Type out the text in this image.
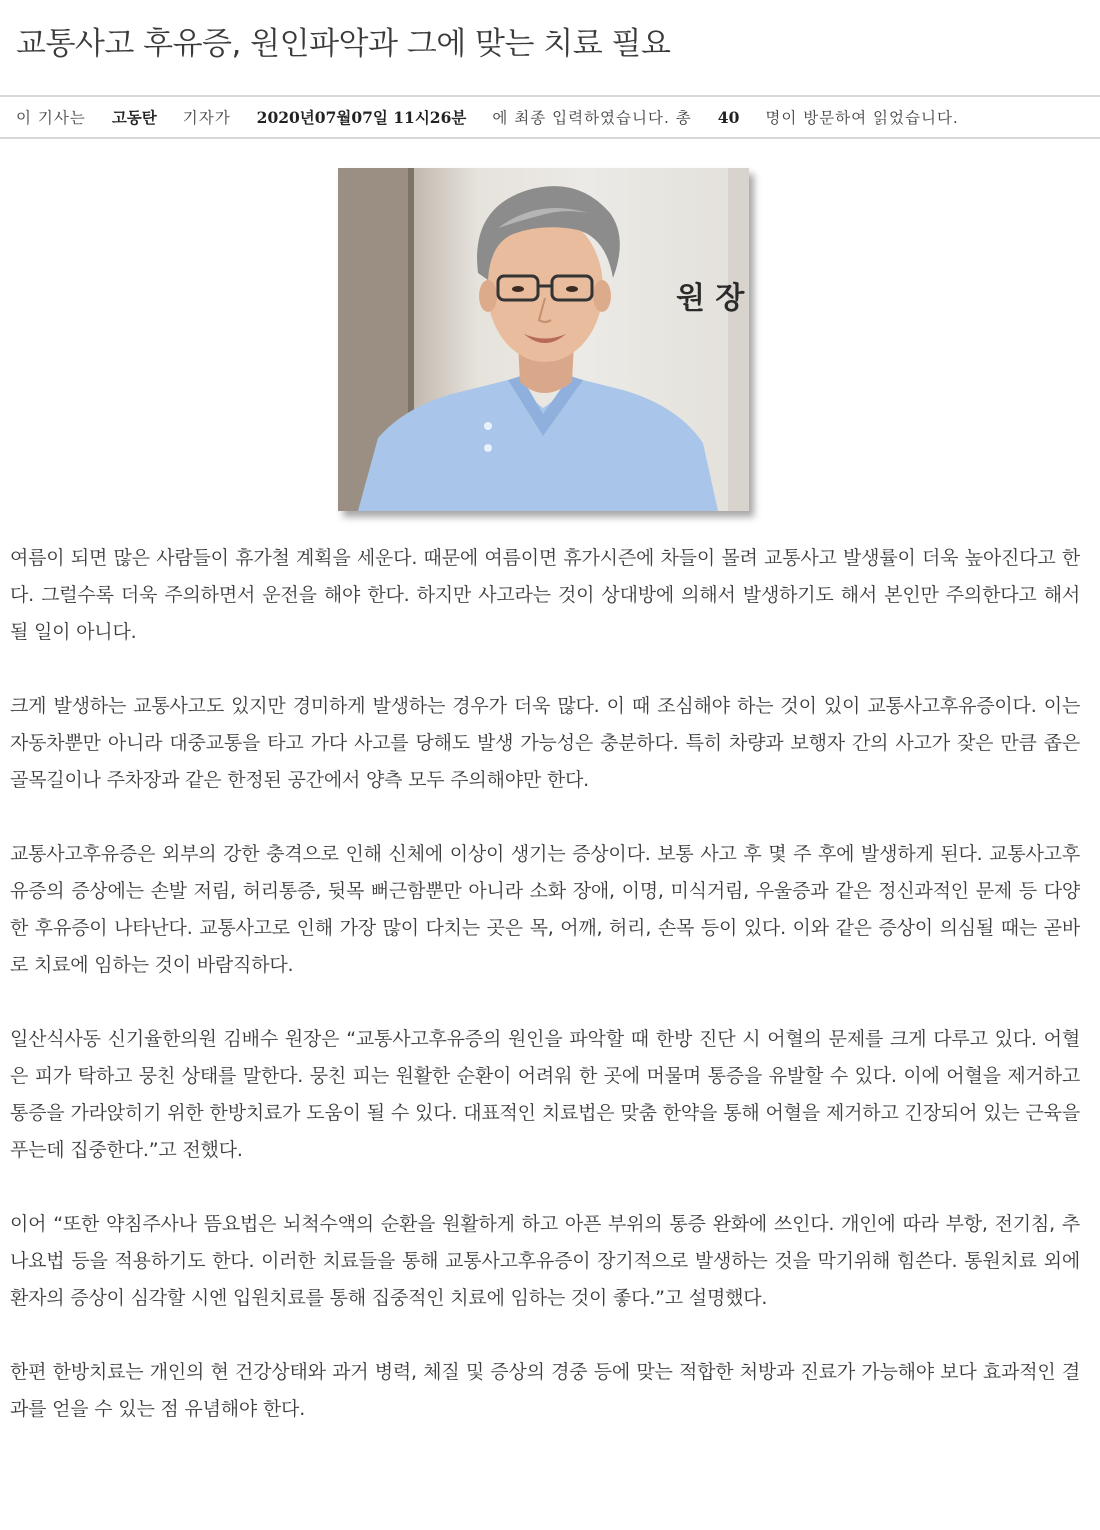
교통사고 후유증, 원인파악과 그에 맞는 치료 필요
이 기사는 고동탄 기자가 2020년07월07일 11시26분 에 최종 입력하였습니다. 총 40 명이 방문하여 읽었습니다.
원 장

여름이 되면 많은 사람들이 휴가철 계획을 세운다. 때문에 여름이면 휴가시즌에 차들이 몰려 교통사고 발생률이 더욱 높아진다고 한다. 그럴수록 더욱 주의하면서 운전을 해야 한다. 하지만 사고라는 것이 상대방에 의해서 발생하기도 해서 본인만 주의한다고 해서 될 일이 아니다.

크게 발생하는 교통사고도 있지만 경미하게 발생하는 경우가 더욱 많다. 이 때 조심해야 하는 것이 있이 교통사고후유증이다. 이는 자동차뿐만 아니라 대중교통을 타고 가다 사고를 당해도 발생 가능성은 충분하다. 특히 차량과 보행자 간의 사고가 잦은 만큼 좁은 골목길이나 주차장과 같은 한정된 공간에서 양측 모두 주의해야만 한다.

교통사고후유증은 외부의 강한 충격으로 인해 신체에 이상이 생기는 증상이다. 보통 사고 후 몇 주 후에 발생하게 된다. 교통사고후유증의 증상에는 손발 저림, 허리통증, 뒷목 뻐근함뿐만 아니라 소화 장애, 이명, 미식거림, 우울증과 같은 정신과적인 문제 등 다양한 후유증이 나타난다. 교통사고로 인해 가장 많이 다치는 곳은 목, 어깨, 허리, 손목 등이 있다. 이와 같은 증상이 의심될 때는 곧바로 치료에 임하는 것이 바람직하다.

일산식사동 신기율한의원 김배수 원장은 “교통사고후유증의 원인을 파악할 때 한방 진단 시 어혈의 문제를 크게 다루고 있다. 어혈은 피가 탁하고 뭉친 상태를 말한다. 뭉친 피는 원활한 순환이 어려워 한 곳에 머물며 통증을 유발할 수 있다. 이에 어혈을 제거하고 통증을 가라앉히기 위한 한방치료가 도움이 될 수 있다. 대표적인 치료법은 맞춤 한약을 통해 어혈을 제거하고 긴장되어 있는 근육을 푸는데 집중한다.”고 전했다.

이어 “또한 약침주사나 뜸요법은 뇌척수액의 순환을 원활하게 하고 아픈 부위의 통증 완화에 쓰인다. 개인에 따라 부항, 전기침, 추나요법 등을 적용하기도 한다. 이러한 치료들을 통해 교통사고후유증이 장기적으로 발생하는 것을 막기위해 힘쓴다. 통원치료 외에 환자의 증상이 심각할 시엔 입원치료를 통해 집중적인 치료에 임하는 것이 좋다.”고 설명했다.

한편 한방치료는 개인의 현 건강상태와 과거 병력, 체질 및 증상의 경중 등에 맞는 적합한 처방과 진료가 가능해야 보다 효과적인 결과를 얻을 수 있는 점 유념해야 한다.
